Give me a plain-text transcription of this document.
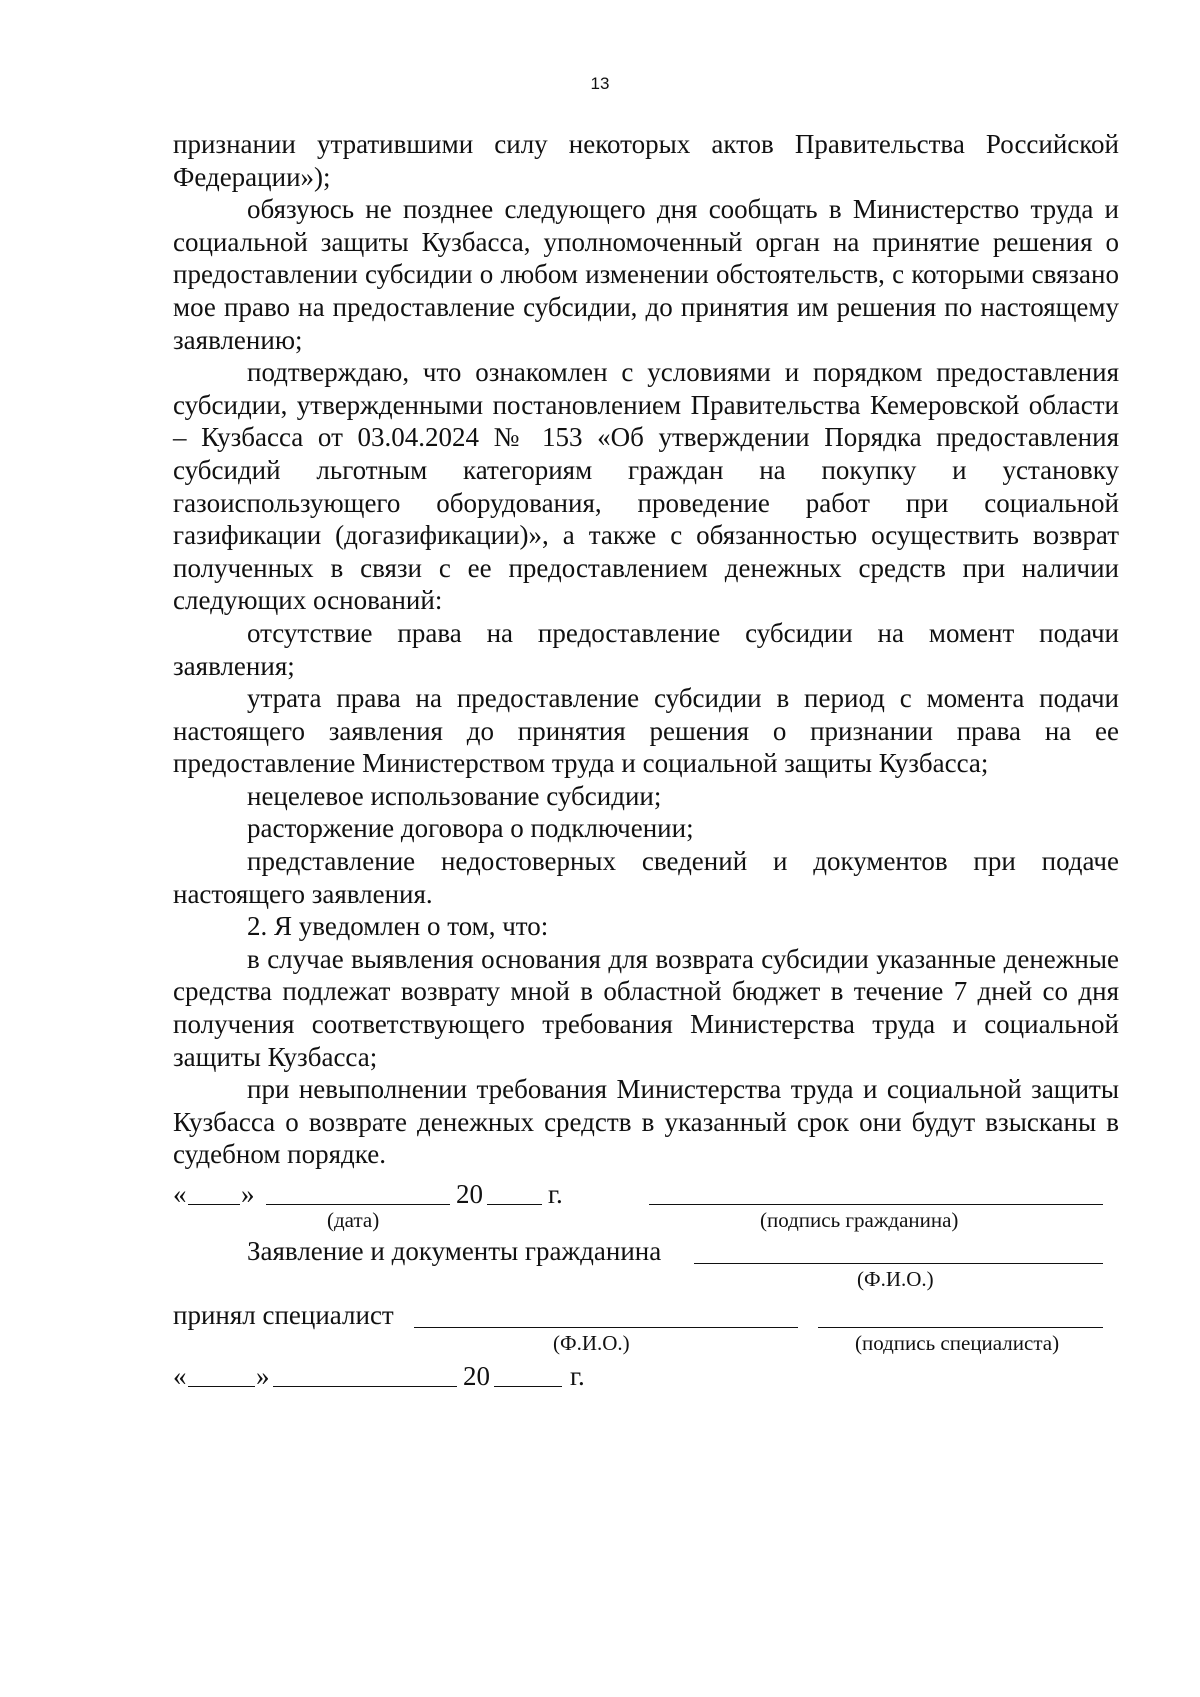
13

признании утратившими силу некоторых актов Правительства Российской Федерации»);

обязуюсь не позднее следующего дня сообщать в Министерство труда и социальной защиты Кузбасса, уполномоченный орган на принятие решения о предоставлении субсидии о любом изменении обстоятельств, с которыми связано мое право на предоставление субсидии, до принятия им решения по настоящему заявлению;

подтверждаю, что ознакомлен с условиями и порядком предоставления субсидии, утвержденными постановлением Правительства Кемеровской области – Кузбасса от 03.04.2024 № 153 «Об утверждении Порядка предоставления субсидий льготным категориям граждан на покупку и установку газоиспользующего оборудования, проведение работ при социальной газификации (догазификации)», а также с обязанностью осуществить возврат полученных в связи с ее предоставлением денежных средств при наличии следующих оснований:

отсутствие права на предоставление субсидии на момент подачи заявления;

утрата права на предоставление субсидии в период с момента подачи настоящего заявления до принятия решения о признании права на ее предоставление Министерством труда и социальной защиты Кузбасса;

нецелевое использование субсидии;

расторжение договора о подключении;

представление недостоверных сведений и документов при подаче настоящего заявления.

2. Я уведомлен о том, что:

в случае выявления основания для возврата субсидии указанные денежные средства подлежат возврату мной в областной бюджет в течение 7 дней со дня получения соответствующего требования Министерства труда и социальной защиты Кузбасса;

при невыполнении требования Министерства труда и социальной защиты Кузбасса о возврате денежных средств в указанный срок они будут взысканы в судебном порядке.

« »	20 г.
(дата)	(подпись гражданина)
Заявление и документы гражданина
(Ф.И.О.)
принял специалист
(Ф.И.О.)	(подпись специалиста)
«	»	20	г.
